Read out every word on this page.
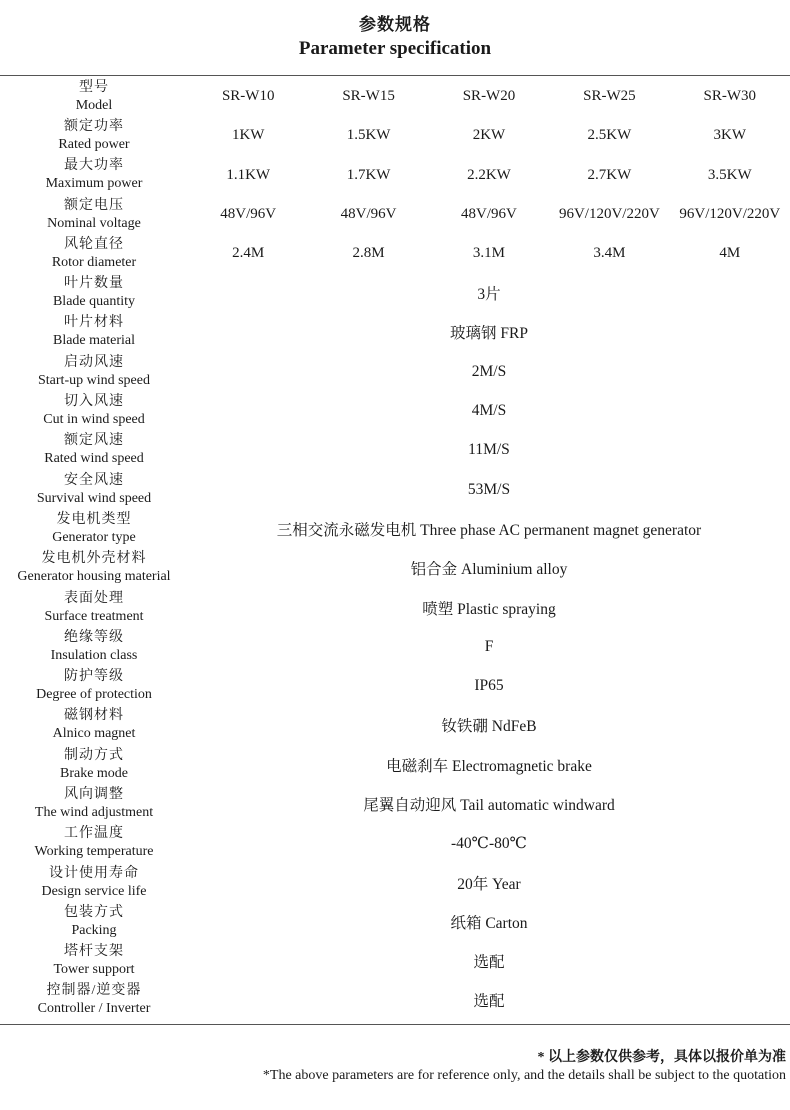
参数规格
Parameter specification
型号
Model	SR-W10	SR-W15	SR-W20	SR-W25	SR-W30

额定功率
Rated power	1KW	1.5KW	2KW	2.5KW	3KW

最大功率
Maximum power	1.1KW	1.7KW	2.2KW	2.7KW	3.5KW

额定电压
Nominal voltage	48V/96V	48V/96V	48V/96V	96V/120V/220V	96V/120V/220V

风轮直径
Rotor diameter	2.4M	2.8M	3.1M	3.4M	4M

叶片数量
Blade quantity	3片				

叶片材料
Blade material	玻璃钢 FRP				

启动风速
Start-up wind speed	2M/S				

切入风速
Cut in wind speed	4M/S				

额定风速
Rated wind speed	11M/S				

安全风速
Survival wind speed	53M/S				

发电机类型
Generator type	三相交流永磁发电机 Three phase AC permanent magnet generator				

发电机外壳材料
Generator housing material	铝合金 Aluminium alloy				

表面处理
Surface treatment	喷塑 Plastic spraying				

绝缘等级
Insulation class	F				

防护等级
Degree of protection	IP65				

磁钢材料
Alnico magnet	钕铁硼 NdFeB				

制动方式
Brake mode	电磁刹车 Electromagnetic brake				

风向调整
The wind adjustment	尾翼自动迎风 Tail automatic windward				

工作温度
Working temperature	-40℃-80℃				

设计使用寿命
Design service life	20年 Year				

包装方式
Packing	纸箱 Carton				

塔杆支架
Tower support	选配				

控制器/逆变器
Controller / Inverter	选配				
* 以上参数仅供参考，具体以报价单为准
*The above parameters are for reference only, and the details shall be subject to the quotation
